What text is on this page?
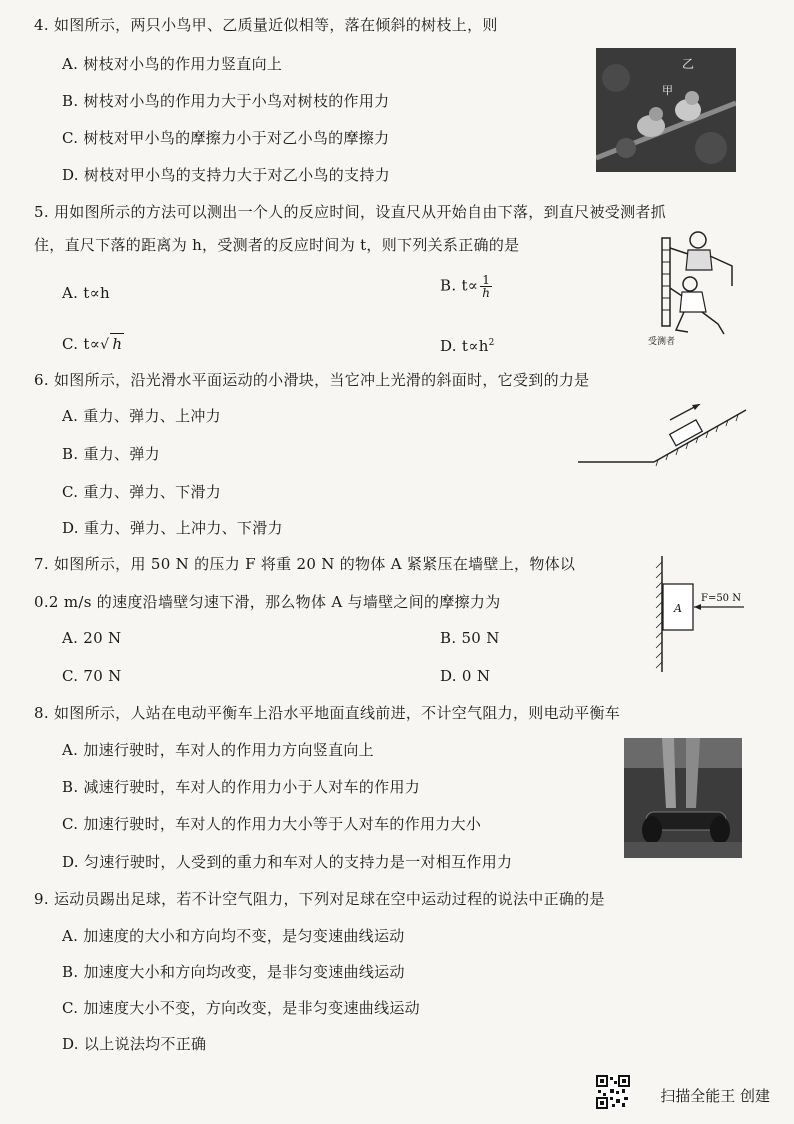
4. 如图所示，两只小鸟甲、乙质量近似相等，落在倾斜的树枝上，则
A. 树枝对小鸟的作用力竖直向上
B. 树枝对小鸟的作用力大于小鸟对树枝的作用力
C. 树枝对甲小鸟的摩擦力小于对乙小鸟的摩擦力
D. 树枝对甲小鸟的支持力大于对乙小鸟的支持力
甲
乙
5. 用如图所示的方法可以测出一个人的反应时间，设直尺从开始自由下落，到直尺被受测者抓
住，直尺下落的距离为 h，受测者的反应时间为 t，则下列关系正确的是
A. t∝h	B. $t\propto \frac{1}{h}$
C. t∝√ h	D. $t\propto h^2$	受测者
6. 如图所示，沿光滑水平面运动的小滑块，当它冲上光滑的斜面时，它受到的力是
A. 重力、弹力、上冲力
B. 重力、弹力
C. 重力、弹力、下滑力
D. 重力、弹力、上冲力、下滑力
7. 如图所示，用 50 N 的压力 F 将重 20 N 的物体 A 紧紧压在墙壁上，物体以
0.2 m/s 的速度沿墙壁匀速下滑，那么物体 A 与墙壁之间的摩擦力为
A. 20 N	B. 50 N
C. 70 N	D. 0 N
A
F=50 N
8. 如图所示，人站在电动平衡车上沿水平地面直线前进，不计空气阻力，则电动平衡车
A. 加速行驶时，车对人的作用力方向竖直向上
B. 减速行驶时，车对人的作用力小于人对车的作用力
C. 加速行驶时，车对人的作用力大小等于人对车的作用力大小
D. 匀速行驶时，人受到的重力和车对人的支持力是一对相互作用力
9. 运动员踢出足球，若不计空气阻力，下列对足球在空中运动过程的说法中正确的是
A. 加速度的大小和方向均不变，是匀变速曲线运动
B. 加速度大小和方向均改变，是非匀变速曲线运动
C. 加速度大小不变，方向改变，是非匀变速曲线运动
D. 以上说法均不正确
扫描全能王 创建
